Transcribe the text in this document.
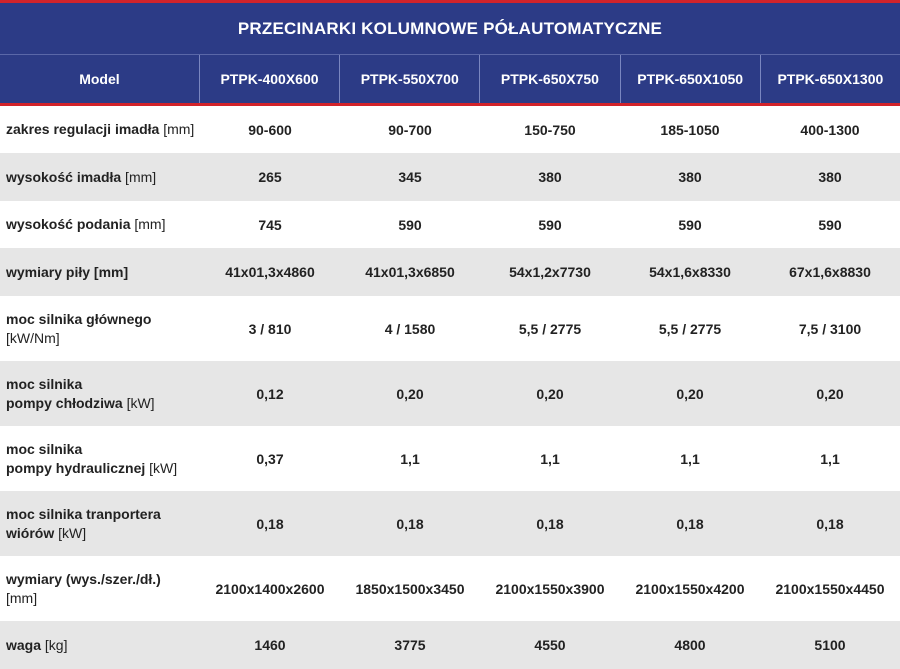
PRZECINARKI KOLUMNOWE PÓŁAUTOMATYCZNE
Model	PTPK-400X600	PTPK-550X700	PTPK-650X750	PTPK-650X1050	PTPK-650X1300
zakres regulacji imadła [mm]	90-600	90-700	150-750	185-1050	400-1300
wysokość imadła [mm]	265	345	380	380	380
wysokość podania [mm]	745	590	590	590	590
wymiary piły [mm]	41x01,3x4860	41x01,3x6850	54x1,2x7730	54x1,6x8330	67x1,6x8830
moc silnika głównego
[kW/Nm]
3 / 810	4 / 1580	5,5 / 2775	5,5 / 2775	7,5 / 3100
moc silnika
pompy chłodziwa [kW]
0,12	0,20	0,20	0,20	0,20
moc silnika
pompy hydraulicznej [kW]
0,37	1,1	1,1	1,1	1,1
moc silnika tranportera
wiórów [kW]
0,18	0,18	0,18	0,18	0,18
wymiary (wys./szer./dł.)
[mm]
2100x1400x2600	1850x1500x3450	2100x1550x3900	2100x1550x4200	2100x1550x4450
waga [kg]	1460	3775	4550	4800	5100
